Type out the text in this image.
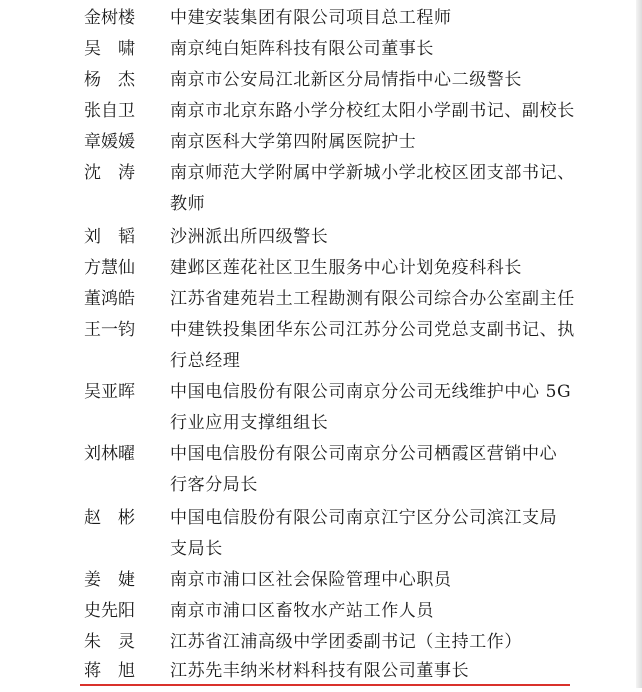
金树楼	中建安装集团有限公司项目总工程师
吴啸 南京纯白矩阵科技有限公司董事长
杨杰 南京市公安局江北新区分局情指中心二级警长
张自卫	南京市北京东路小学分校红太阳小学副书记、副校长
章媛媛	南京医科大学第四附属医院护士
沈涛 南京师范大学附属中学新城小学北校区团支部书记、
教师
刘韬 沙洲派出所四级警长
方慧仙	建邺区莲花社区卫生服务中心计划免疫科科长
董鸿皓	江苏省建苑岩土工程勘测有限公司综合办公室副主任
王一钧	中建铁投集团华东公司江苏分公司党总支副书记、执
行总经理
吴亚晖	中国电信股份有限公司南京分公司无线维护中心 5G
行业应用支撑组组长
刘林曜	中国电信股份有限公司南京分公司栖霞区营销中心
行客分局长
赵彬 中国电信股份有限公司南京江宁区分公司滨江支局
支局长
姜婕 南京市浦口区社会保险管理中心职员
史先阳	南京市浦口区畜牧水产站工作人员
朱灵 江苏省江浦高级中学团委副书记（主持工作）
蒋旭 江苏先丰纳米材料科技有限公司董事长
